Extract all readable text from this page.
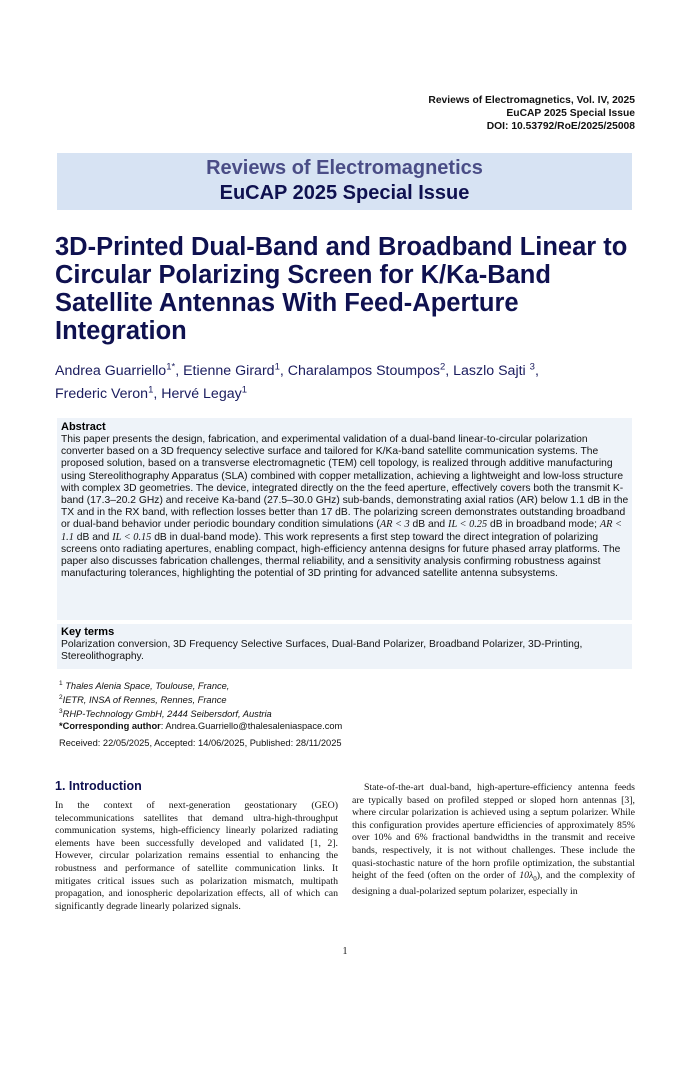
Reviews of Electromagnetics, Vol. IV, 2025
EuCAP 2025 Special Issue
DOI: 10.53792/RoE/2025/25008
Reviews of Electromagnetics
EuCAP 2025 Special Issue
3D-Printed Dual-Band and Broadband Linear to Circular Polarizing Screen for K/Ka-Band Satellite Antennas With Feed-Aperture Integration
Andrea Guarriello$^{1*}$, Etienne Girard$^1$, Charalampos Stoumpos$^2$, Laszlo Sajti $^3$,
Frederic Veron$^1$, Hervé Legay$^1$
Abstract

This paper presents the design, fabrication, and experimental validation of a dual-band linear-to-circular polarization converter based on a 3D frequency selective surface and tailored for K/Ka-band satellite communication systems. The proposed solution, based on a transverse electromagnetic (TEM) cell topology, is realized through additive manufacturing using Stereolithography Apparatus (SLA) combined with copper metallization, achieving a lightweight and low-loss structure with complex 3D geometries. The device, integrated directly on the the feed aperture, effectively covers both the transmit K-band (17.3–20.2 GHz) and receive Ka-band (27.5–30.0 GHz) sub-bands, demonstrating axial ratios (AR) below 1.1 dB in the TX and in the RX band, with reflection losses better than 17 dB. The polarizing screen demonstrates outstanding broadband or dual-band behavior under periodic boundary condition simulations (AR < 3 dB and IL < 0.25 dB in broadband mode; AR < 1.1 dB and IL < 0.15 dB in dual-band mode). This work represents a first step toward the direct integration of polarizing screens onto radiating apertures, enabling compact, high-efficiency antenna designs for future phased array platforms. The paper also discusses fabrication challenges, thermal reliability, and a sensitivity analysis confirming robustness against manufacturing tolerances, highlighting the potential of 3D printing for advanced satellite antenna subsystems.

Key terms

Polarization conversion, 3D Frequency Selective Surfaces, Dual-Band Polarizer, Broadband Polarizer, 3D-Printing, Stereolithography.

$^1$ Thales Alenia Space, Toulouse, France,
$^2$IETR, INSA of Rennes, Rennes, France
$^3$RHP-Technology GmbH, 2444 Seibersdorf, Austria
*Corresponding author: Andrea.Guarriello@thalesaleniaspace.com
Received: 22/05/2025, Accepted: 14/06/2025, Published: 28/11/2025
1. Introduction

In the context of next-generation geostationary (GEO) telecommunications satellites that demand ultra-high-throughput communication systems, high-efficiency linearly polarized radiating elements have been successfully developed and validated [1, 2]. However, circular polarization remains essential to enhancing the robustness and performance of satellite communication links. It mitigates critical issues such as polarization mismatch, multipath propagation, and ionospheric depolarization effects, all of which can significantly degrade linearly polarized signals.

State-of-the-art dual-band, high-aperture-efficiency antenna feeds are typically based on profiled stepped or sloped horn antennas [3], where circular polarization is achieved using a septum polarizer. While this configuration provides aperture efficiencies of approximately 85% over 10% and 6% fractional bandwidths in the transmit and receive bands, respectively, it is not without challenges. These include the quasi-stochastic nature of the horn profile optimization, the substantial height of the feed (often on the order of $10\lambda_0$), and the complexity of designing a dual-polarized septum polarizer, especially in

1
